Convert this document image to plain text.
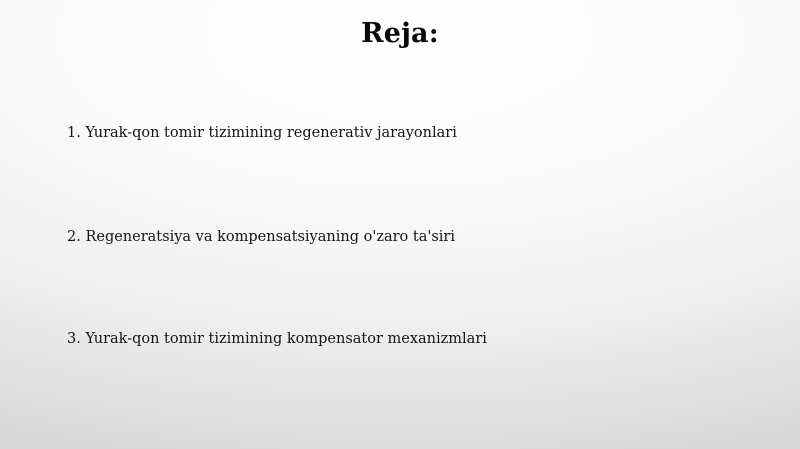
Reja:
1. Yurak-qon tomir tizimining regenerativ jarayonlari
2. Regeneratsiya va kompensatsiyaning o'zaro ta'siri
3. Yurak-qon tomir tizimining kompensator mexanizmlari
